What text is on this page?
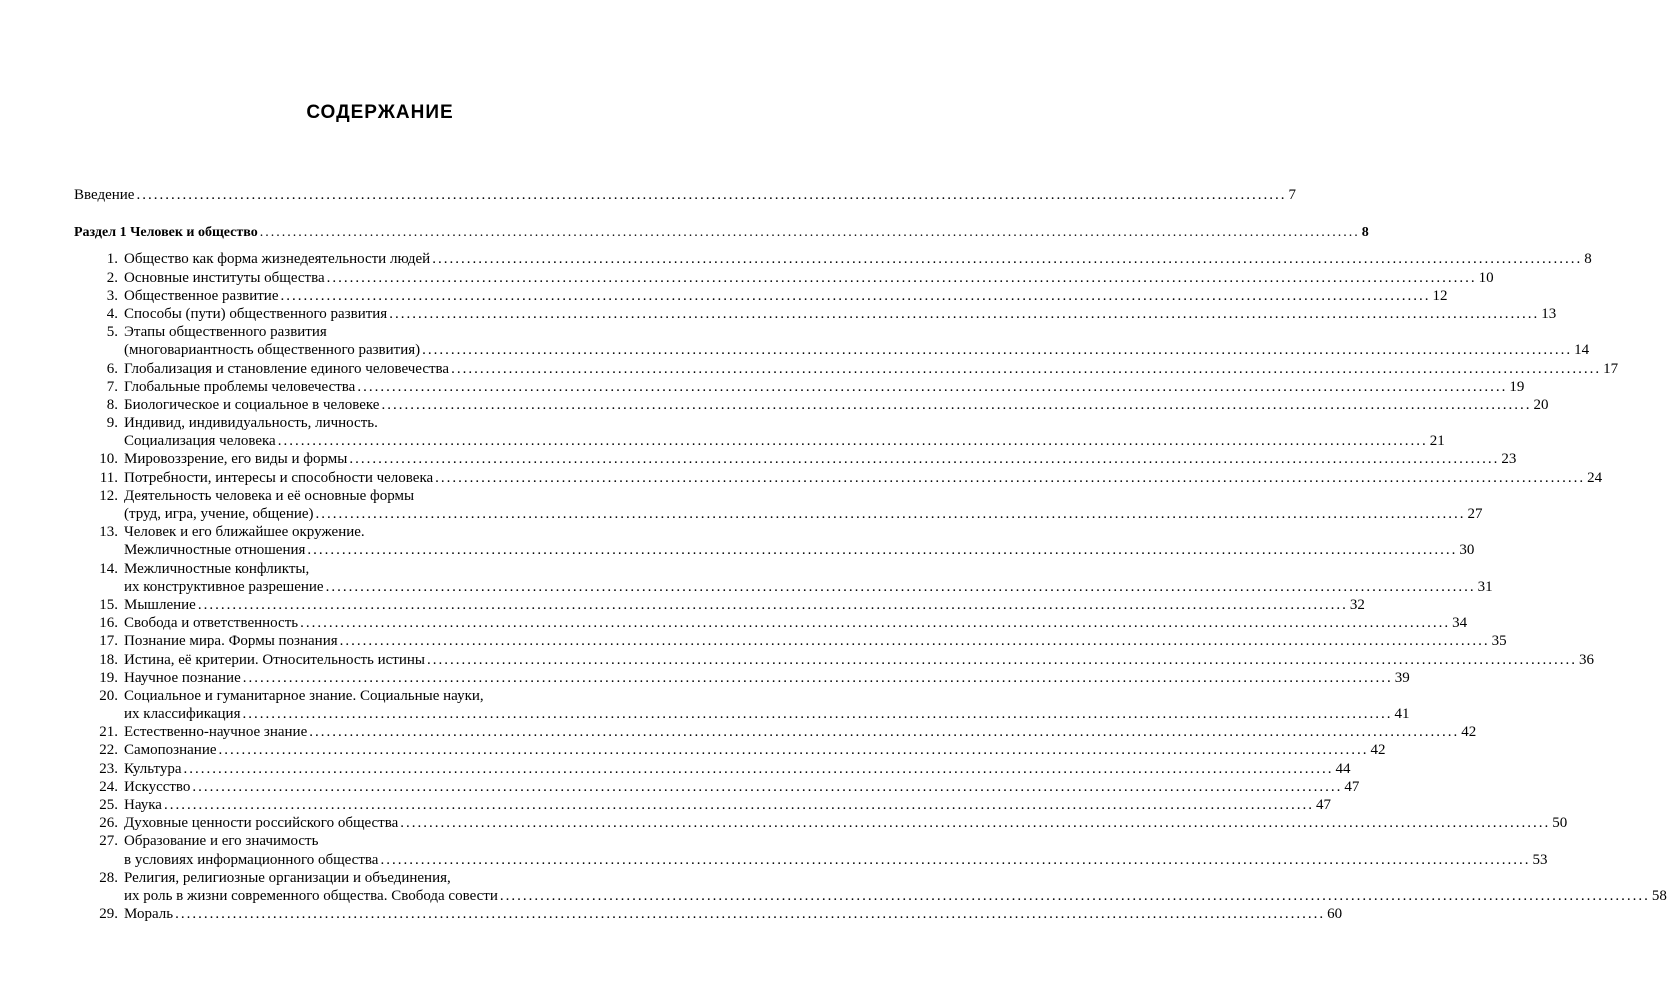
СОДЕРЖАНИЕ
Введение ........................................................................................................................................................................................................ 7
Раздел 1 Человек и общество ........................................................................................................................................................................................................ 8
1. Общество как форма жизнедеятельности людей ........................................................................................................................................................................................................ 8
2. Основные институты общества ........................................................................................................................................................................................................ 10
3. Общественное развитие ........................................................................................................................................................................................................ 12
4. Способы (пути) общественного развития ........................................................................................................................................................................................................ 13
5. Этапы общественного развития
(многовариантность общественного развития) ........................................................................................................................................................................................................ 14
6. Глобализация и становление единого человечества ........................................................................................................................................................................................................ 17
7. Глобальные проблемы человечества ........................................................................................................................................................................................................ 19
8. Биологическое и социальное в человеке ........................................................................................................................................................................................................ 20
9. Индивид, индивидуальность, личность.
Социализация человека ........................................................................................................................................................................................................ 21
10. Мировоззрение, его виды и формы ........................................................................................................................................................................................................ 23
11. Потребности, интересы и способности человека ........................................................................................................................................................................................................ 24
12. Деятельность человека и её основные формы
(труд, игра, учение, общение) ........................................................................................................................................................................................................ 27
13. Человек и его ближайшее окружение.
Межличностные отношения ........................................................................................................................................................................................................ 30
14. Межличностные конфликты,
их конструктивное разрешение ........................................................................................................................................................................................................ 31
15. Мышление ........................................................................................................................................................................................................ 32
16. Свобода и ответственность ........................................................................................................................................................................................................ 34
17. Познание мира. Формы познания ........................................................................................................................................................................................................ 35
18. Истина, её критерии. Относительность истины ........................................................................................................................................................................................................ 36
19. Научное познание ........................................................................................................................................................................................................ 39
20. Социальное и гуманитарное знание. Социальные науки,
их классификация ........................................................................................................................................................................................................ 41
21. Естественно-научное знание ........................................................................................................................................................................................................ 42
22. Самопознание ........................................................................................................................................................................................................ 42
23. Культура ........................................................................................................................................................................................................ 44
24. Искусство ........................................................................................................................................................................................................ 47
25. Наука ........................................................................................................................................................................................................ 47
26. Духовные ценности российского общества ........................................................................................................................................................................................................ 50
27. Образование и его значимость
в условиях информационного общества ........................................................................................................................................................................................................ 53
28. Религия, религиозные организации и объединения,
их роль в жизни современного общества. Свобода совести ........................................................................................................................................................................................................ 58
29. Мораль ........................................................................................................................................................................................................ 60
